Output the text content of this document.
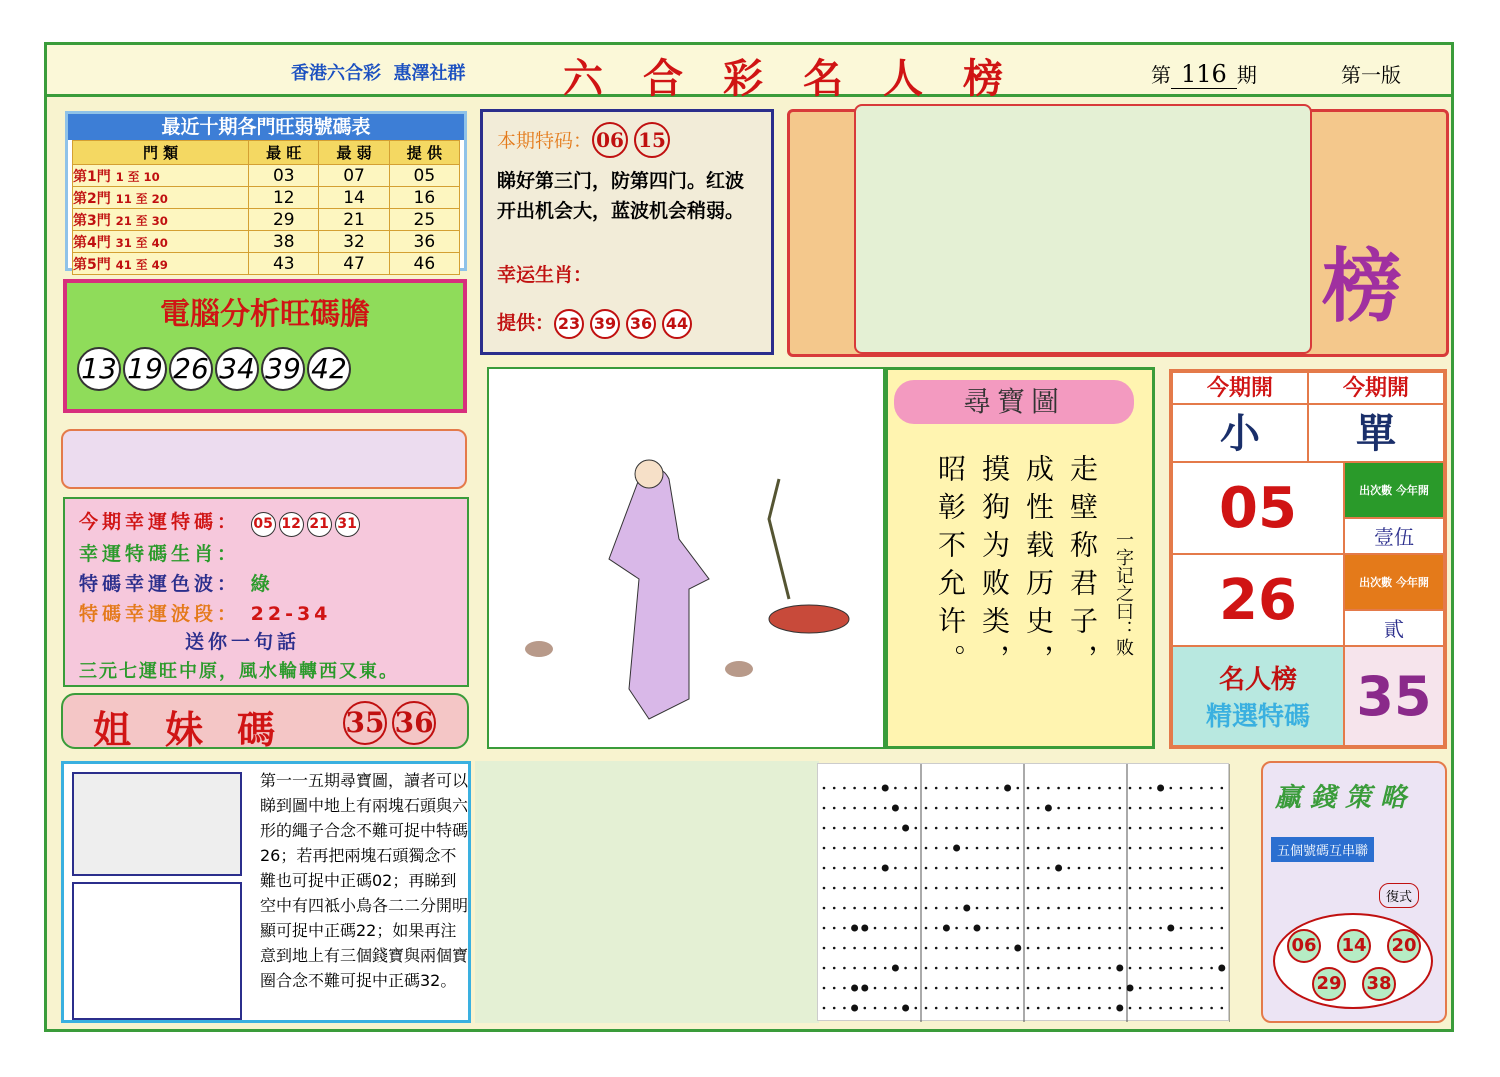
香港六合彩 惠澤社群 六合彩名人榜	第 116 期	第一版
最近十期各門旺弱號碼表
門 類	最 旺	最 弱	提 供
第1門 1 至 10	03	07	05
第2門 11 至 20	12	14	16
第3門 21 至 30	29	21	25
第4門 31 至 40	38	32	36
第5門 41 至 49	43	47	46
電腦分析旺碼膽
13 19 26 34 39 42
今期幸運特碼： 05 12 21 31
幸運特碼生肖：
特碼幸運色波： 綠
特碼幸運波段： 22-34
送你一句話
三元七運旺中原，風水輪轉西又東。
姐妹碼 35 36
本期特码： 06 15
睇好第三门，防第四门。红波开出机会大，蓝波机会稍弱。
幸运生肖：
提供： 23 39 36 44	榜
尋寶圖
走壁称君子，成性载历史，摸狗为败类，昭彰不允许。	一字记之曰：败
今期開	今期開
小	單
05	出次數 今年開
壹伍
26	出次數 今年開
貳
名人榜
精選特碼 35
第一一五期尋寶圖，讀者可以睇到圖中地上有兩塊石頭與六形的繩子合念不難可捉中特碼26；若再把兩塊石頭獨念不難也可捉中正碼02；再睇到空中有四袛小鳥各二二分開明顯可捉中正碼22；如果再注意到地上有三個錢寶與兩個寶圈合念不難可捉中正碼32。
贏 錢 策 略
五個號碼互串聯
復式
06 14 20
29 38
